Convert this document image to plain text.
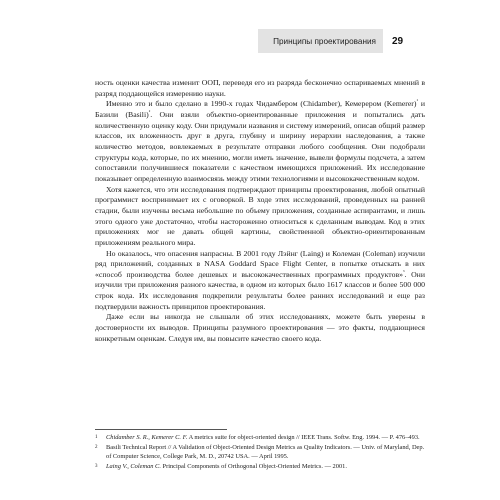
Принципы проектирования 29

ность оценки качества изменит ООП, переведя его из разряда бесконечно оспариваемых мнений в разряд поддающейся измерению науки.

Именно это и было сделано в 1990-х годах Чидамбером (Chidamber), Кемерером (Kemerer)$^{^1}$ и Базили (Basili)$^{^2}$. Они взяли объектно-ориентированные приложения и попытались дать количественную оценку коду. Они придумали названия и систему измерений, описав общий размер классов, их вложенность друг в друга, глубину и ширину иерархии наследования, а также количество методов, вовлекаемых в результате отправки любого сообщения. Они подобрали структуры кода, которые, по их мнению, могли иметь значение, вывели формулы подсчета, а затем сопоставили получившиеся показатели с качеством имеющихся приложений. Их исследование показывает определенную взаимосвязь между этими технологиями и высококачественным кодом.

Хотя кажется, что эти исследования подтверждают принципы проектирования, любой опытный программист воспринимает их с оговоркой. В ходе этих исследований, проведенных на ранней стадии, были изучены весьма небольшие по объему приложения, созданные аспирантами, и лишь этого одного уже достаточно, чтобы настороженно относиться к сделанным выводам. Код в этих приложениях мог не давать общей картины, свойственной объектно-ориентированным приложениям реального мира.

Но оказалось, что опасения напрасны. В 2001 году Лэйнг (Laing) и Колеман (Coleman) изучили ряд приложений, созданных в NASA Goddard Space Flight Center, в попытке отыскать в них «способ производства более дешевых и высококачественных программных продуктов»$^{^3}$. Они изучили три приложения разного качества, в одном из которых было 1617 классов и более 500 000 строк кода. Их исследования подкрепили результаты более ранних исследований и еще раз подтвердили важность принципов проектирования.

Даже если вы никогда не слышали об этих исследованиях, можете быть уверены в достоверности их выводов. Принципы разумного проектирования — это факты, поддающиеся конкретным оценкам. Следуя им, вы повысите качество своего кода.

1	Chidamber S. R., Kemerer C. F. A metrics suite for object-oriented design // IEEE Trans. Softw. Eng. 1994. — P. 476–493.
2	Basili Technical Report // A Validation of Object-Oriented Design Metrics as Quality Indicators. — Univ. of Maryland, Dep. of Computer Science, College Park, M. D., 20742 USA. — April 1995.
3	Laing V., Coleman C. Principal Components of Orthogonal Object-Oriented Metrics. — 2001.
